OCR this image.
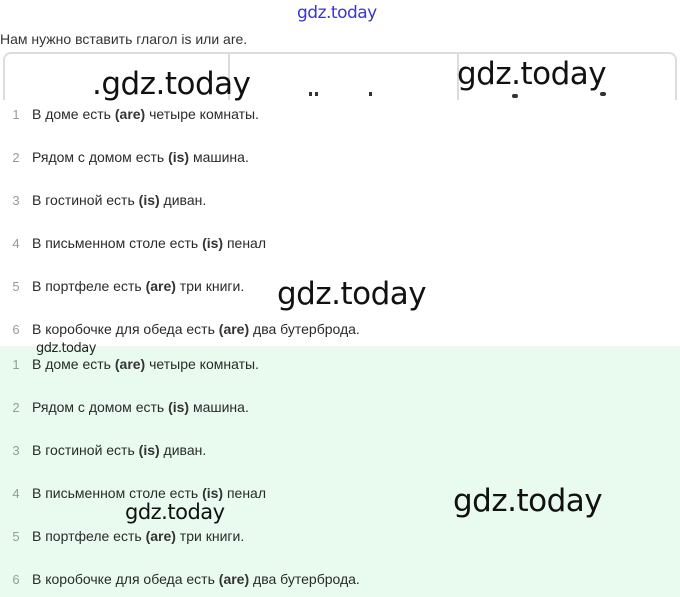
gdz.today
Нам нужно вставить глагол is или are.
.gdz.today	gdz.today
1 В доме есть (are) четыре комнаты.
2 Рядом с домом есть (is) машина.
3 В гостиной есть (is) диван.
4 В письменном столе есть (is) пенал
5 В портфеле есть (are) три книги.
6 В коробочке для обеда есть (are) два бутерброда.
1 В доме есть (are) четыре комнаты.
2 Рядом с домом есть (is) машина.
3 В гостиной есть (is) диван.
4 В письменном столе есть (is) пенал
5 В портфеле есть (are) три книги.
6 В коробочке для обеда есть (are) два бутерброда.
gdz.today
gdz.today
gdz.today
gdz.today
